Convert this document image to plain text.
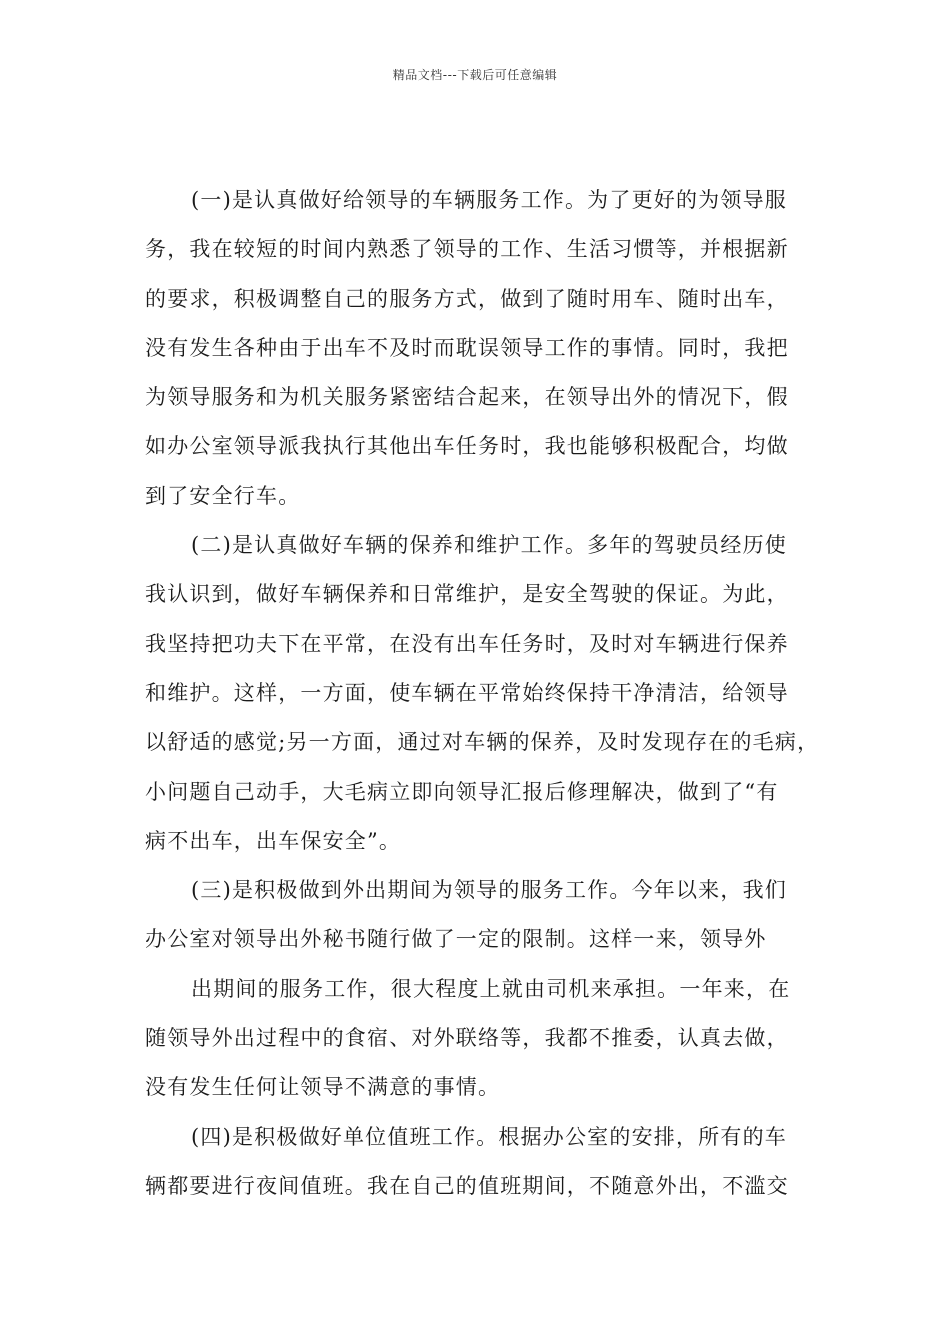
精品文档---下载后可任意编辑
(一)是认真做好给领导的车辆服务工作。为了更好的为领导服
务，我在较短的时间内熟悉了领导的工作、生活习惯等，并根据新
的要求，积极调整自己的服务方式，做到了随时用车、随时出车，
没有发生各种由于出车不及时而耽误领导工作的事情。同时，我把
为领导服务和为机关服务紧密结合起来，在领导出外的情况下，假
如办公室领导派我执行其他出车任务时，我也能够积极配合，均做
到了安全行车。
(二)是认真做好车辆的保养和维护工作。多年的驾驶员经历使
我认识到，做好车辆保养和日常维护，是安全驾驶的保证。为此，
我坚持把功夫下在平常，在没有出车任务时，及时对车辆进行保养
和维护。这样，一方面，使车辆在平常始终保持干净清洁，给领导
以舒适的感觉;另一方面，通过对车辆的保养，及时发现存在的毛病，
小问题自己动手，大毛病立即向领导汇报后修理解决，做到了“有
病不出车，出车保安全”。
(三)是积极做到外出期间为领导的服务工作。今年以来，我们
办公室对领导出外秘书随行做了一定的限制。这样一来，领导外
出期间的服务工作，很大程度上就由司机来承担。一年来，在
随领导外出过程中的食宿、对外联络等，我都不推委，认真去做，
没有发生任何让领导不满意的事情。
(四)是积极做好单位值班工作。根据办公室的安排，所有的车
辆都要进行夜间值班。我在自己的值班期间，不随意外出，不滥交
